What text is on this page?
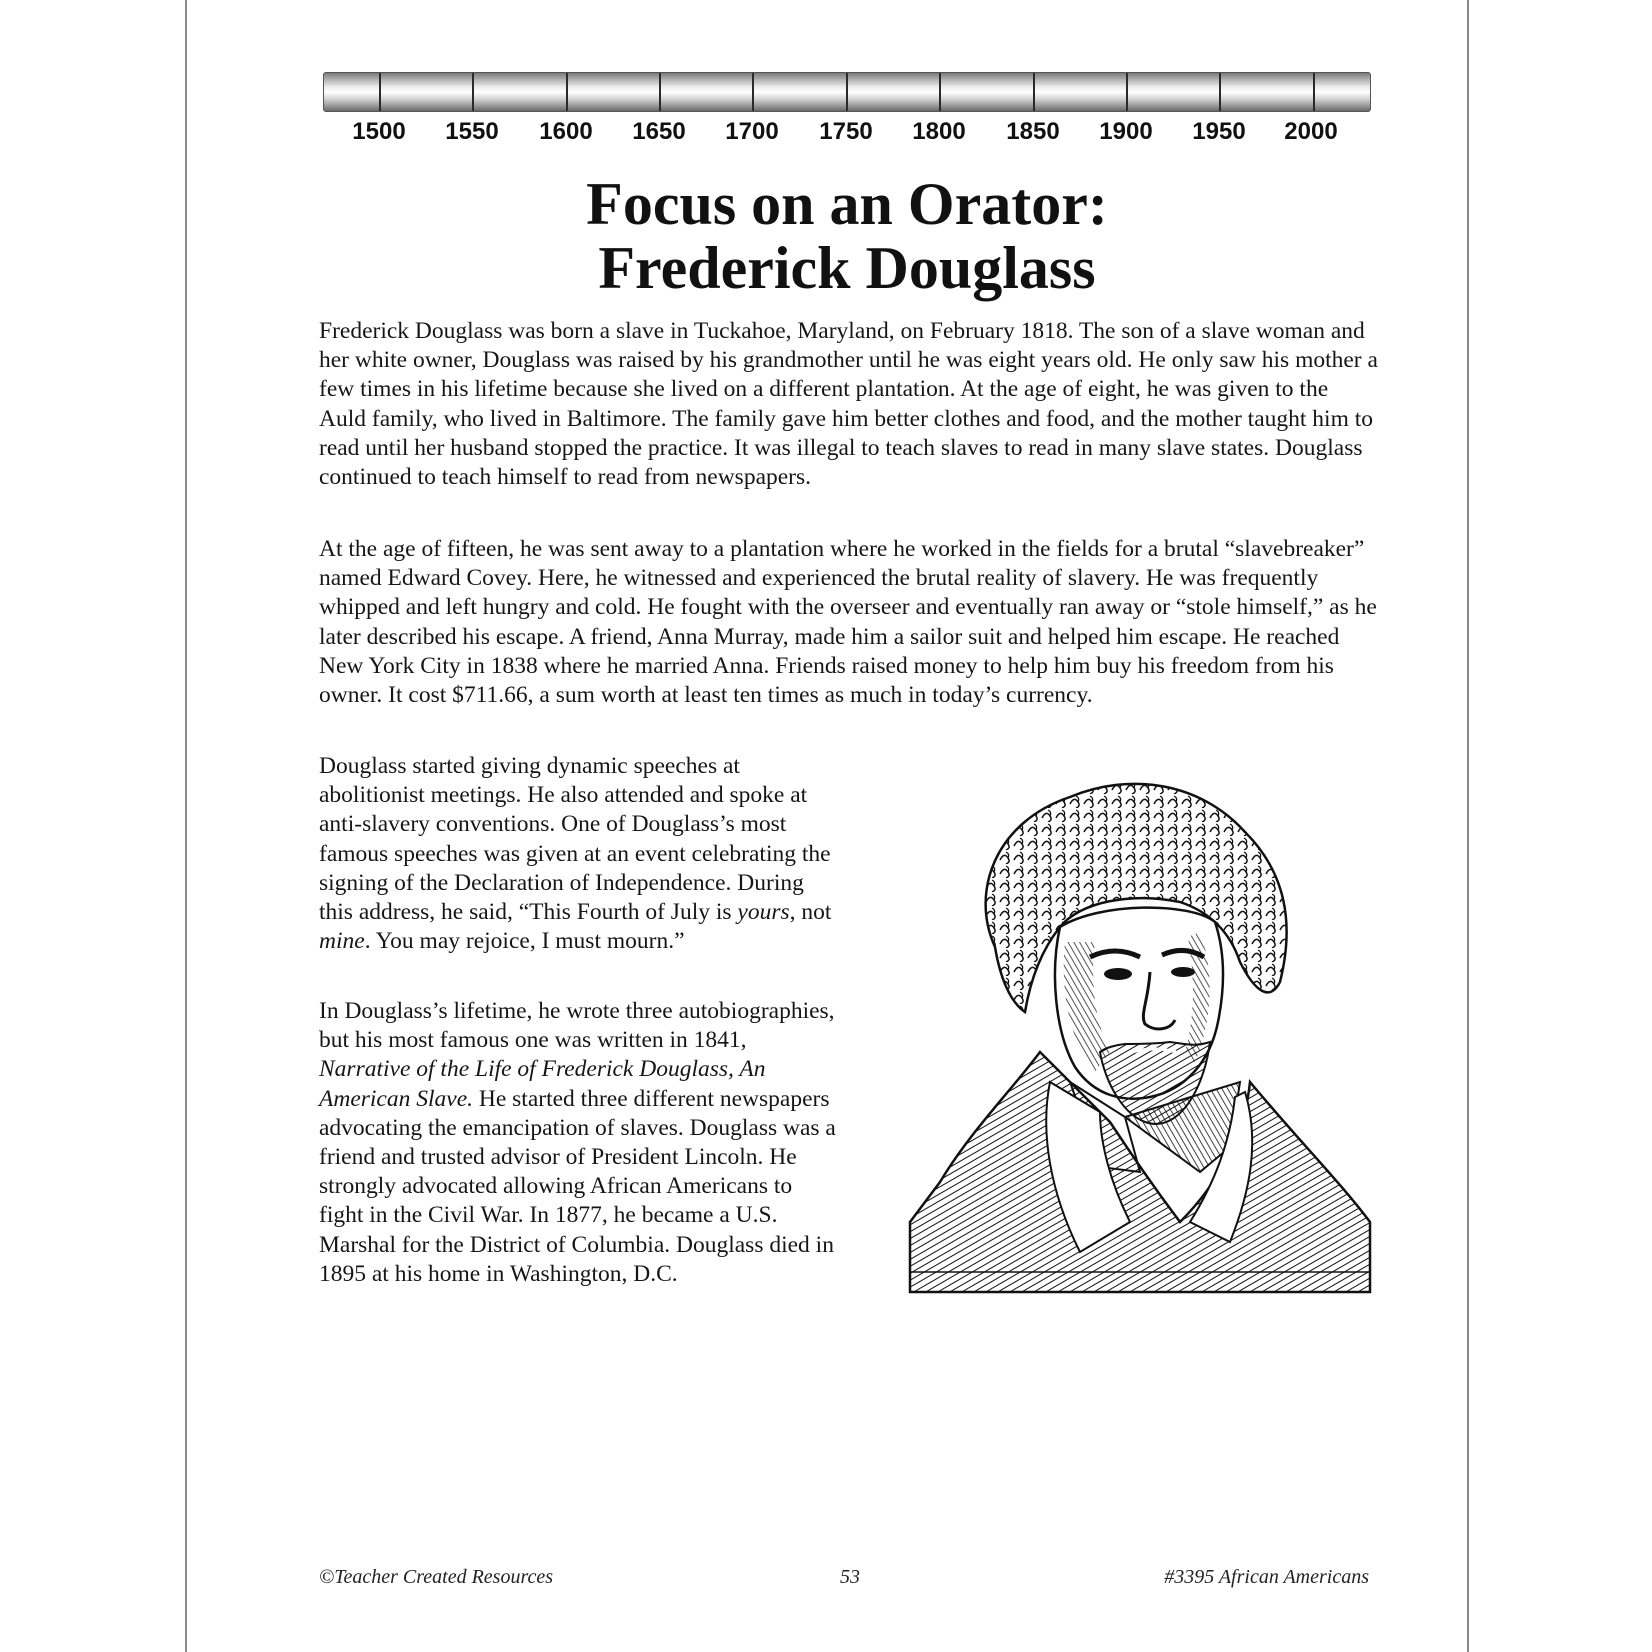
1500	1550	1600	1650	1700	1750	1800	1850	1900	1950	2000
Focus on an Orator:
Frederick Douglass

Frederick Douglass was born a slave in Tuckahoe, Maryland, on February 1818. The son of a slave woman and her white owner, Douglass was raised by his grandmother until he was eight years old. He only saw his mother a few times in his lifetime because she lived on a different plantation. At the age of eight, he was given to the Auld family, who lived in Baltimore. The family gave him better clothes and food, and the mother taught him to read until her husband stopped the practice. It was illegal to teach slaves to read in many slave states. Douglass continued to teach himself to read from newspapers.

At the age of fifteen, he was sent away to a plantation where he worked in the fields for a brutal “slavebreaker” named Edward Covey. Here, he witnessed and experienced the brutal reality of slavery. He was frequently whipped and left hungry and cold. He fought with the overseer and eventually ran away or “stole himself,” as he later described his escape. A friend, Anna Murray, made him a sailor suit and helped him escape. He reached New York City in 1838 where he married Anna. Friends raised money to help him buy his freedom from his owner. It cost $711.66, a sum worth at least ten times as much in today’s currency.

Douglass started giving dynamic speeches at abolitionist meetings. He also attended and spoke at anti-slavery conventions. One of Douglass’s most famous speeches was given at an event celebrating the signing of the Declaration of Independence. During this address, he said, “This Fourth of July is yours, not mine. You may rejoice, I must mourn.”

In Douglass’s lifetime, he wrote three autobiographies, but his most famous one was written in 1841, Narrative of the Life of Frederick Douglass, An American Slave. He started three different newspapers advocating the emancipation of slaves. Douglass was a friend and trusted advisor of President Lincoln. He strongly advocated allowing African Americans to fight in the Civil War. In 1877, he became a U.S. Marshal for the District of Columbia. Douglass died in 1895 at his home in Washington, D.C.

©Teacher Created Resources	53	#3395 African Americans
